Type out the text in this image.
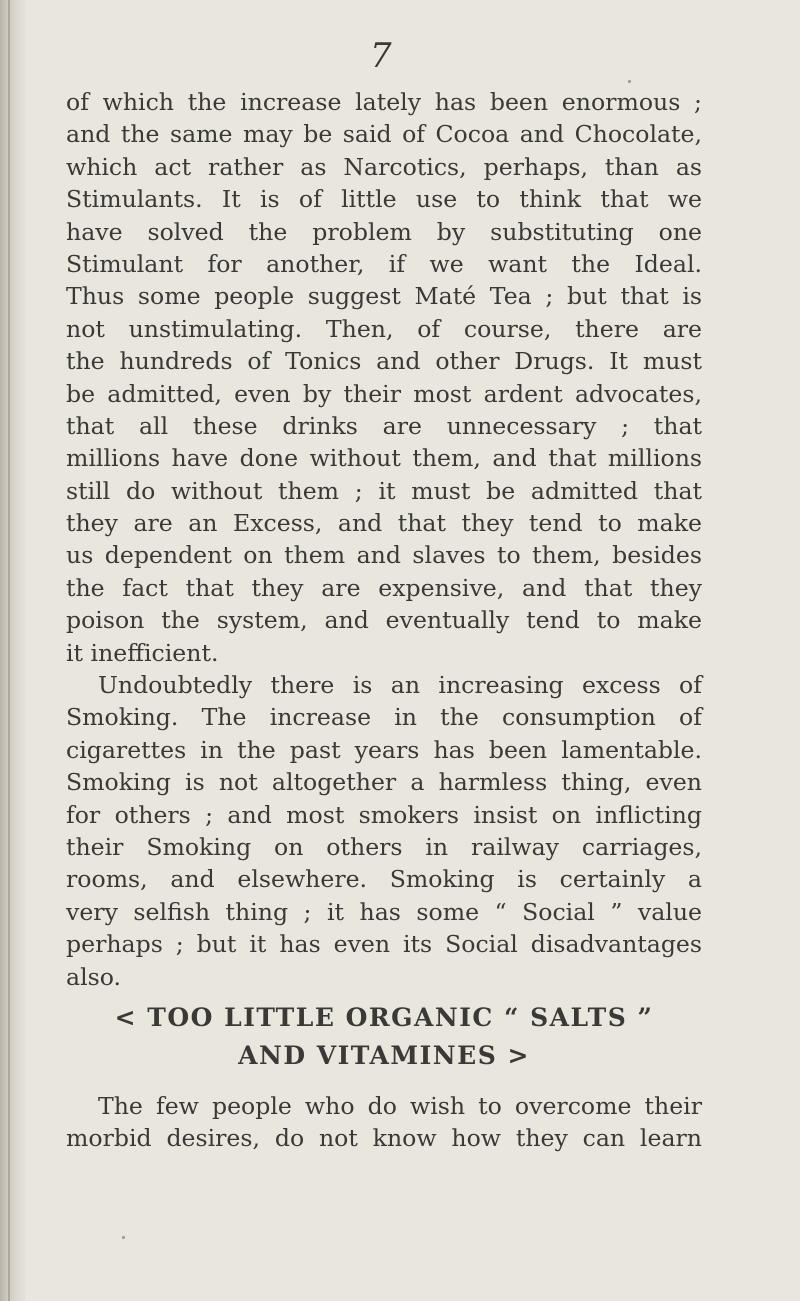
7
of which the increase lately has been enormous ;
and the same may be said of Cocoa and Chocolate,
which act rather as Narcotics, perhaps, than as
Stimulants. It is of little use to think that we
have solved the problem by substituting one
Stimulant for another, if we want the Ideal.
Thus some people suggest Maté Tea ; but that is
not unstimulating. Then, of course, there are
the hundreds of Tonics and other Drugs. It must
be admitted, even by their most ardent advocates,
that all these drinks are unnecessary ; that
millions have done without them, and that millions
still do without them ; it must be admitted that
they are an Excess, and that they tend to make
us dependent on them and slaves to them, besides
the fact that they are expensive, and that they
poison the system, and eventually tend to make
it inefficient.
Undoubtedly there is an increasing excess of
Smoking. The increase in the consumption of
cigarettes in the past years has been lamentable.
Smoking is not altogether a harmless thing, even
for others ; and most smokers insist on inflicting
their Smoking on others in railway carriages,
rooms, and elsewhere. Smoking is certainly a
very selfish thing ; it has some “ Social ” value
perhaps ; but it has even its Social disadvantages
also.
< TOO LITTLE ORGANIC “ SALTS ”
AND VITAMINES >
The few people who do wish to overcome their
morbid desires, do not know how they can learn
